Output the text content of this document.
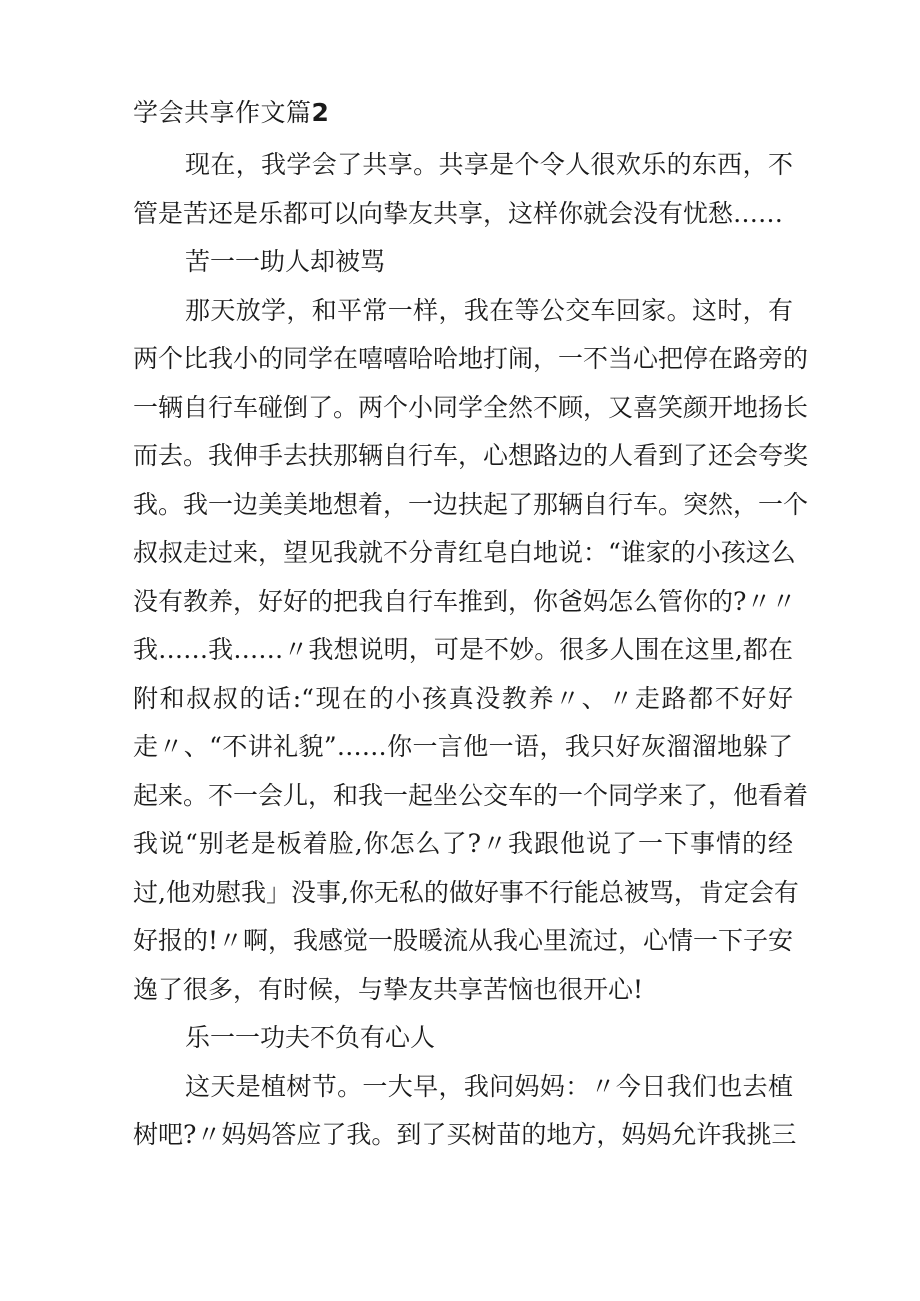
学会共享作文篇2
现在，我学会了共享。共享是个令人很欢乐的东西，不
管是苦还是乐都可以向挚友共享，这样你就会没有忧愁……
苦一一助人却被骂
那天放学，和平常一样，我在等公交车回家。这时，有
两个比我小的同学在嘻嘻哈哈地打闹，一不当心把停在路旁的
一辆自行车碰倒了。两个小同学全然不顾，又喜笑颜开地扬长
而去。我伸手去扶那辆自行车，心想路边的人看到了还会夸奖
我。我一边美美地想着，一边扶起了那辆自行车。突然，一个
叔叔走过来，望见我就不分青红皂白地说：“谁家的小孩这么
没有教养，好好的把我自行车推到，你爸妈怎么管你的?〃〃
我……我……〃我想说明，可是不妙。很多人围在这里,都在
附和叔叔的话:“现在的小孩真没教养〃、〃走路都不好好
走〃、“不讲礼貌”……你一言他一语，我只好灰溜溜地躲了
起来。不一会儿，和我一起坐公交车的一个同学来了，他看着
我说“别老是板着脸,你怎么了?〃我跟他说了一下事情的经
过,他劝慰我」没事,你无私的做好事不行能总被骂，肯定会有
好报的!〃啊，我感觉一股暖流从我心里流过，心情一下子安
逸了很多，有时候，与挚友共享苦恼也很开心!
乐一一功夫不负有心人
这天是植树节。一大早，我问妈妈：〃今日我们也去植
树吧?〃妈妈答应了我。到了买树苗的地方，妈妈允许我挑三
